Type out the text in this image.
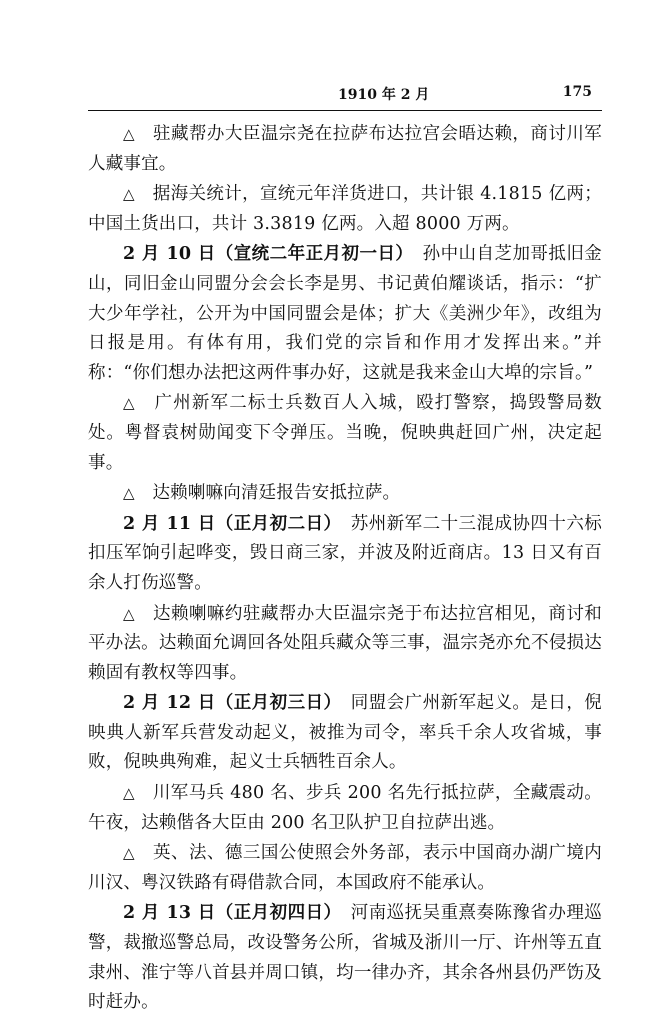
1910 年 2 月	175

△　 驻藏帮办大臣温宗尧在拉萨布达拉宫会晤达赖，商讨川军人藏事宜。

△　 据海关统计，宣统元年洋货进口，共计银 4.1815 亿两；中国土货出口，共计 3.3819 亿两。入超 8000 万两。

2 月 10 日（宣统二年正月初一日）　 孙中山自芝加哥抵旧金山，同旧金山同盟分会会长李是男、书记黄伯耀谈话，指示：“扩大少年学社，公开为中国同盟会是体；扩大《美洲少年》，改组为日报是用。有体有用，我们党的宗旨和作用才发挥出来。”并称：“你们想办法把这两件事办好，这就是我来金山大埠的宗旨。”

△　 广州新军二标士兵数百人入城，殴打警察，捣毁警局数处。粤督袁树勋闻变下令弹压。当晚，倪映典赶回广州，决定起事。

△　 达赖喇嘛向清廷报告安抵拉萨。

2 月 11 日（正月初二日）　 苏州新军二十三混成协四十六标扣压军饷引起哗变，毁日商三家，并波及附近商店。13 日又有百余人打伤巡警。

△　 达赖喇嘛约驻藏帮办大臣温宗尧于布达拉宫相见，商讨和平办法。达赖面允调回各处阻兵藏众等三事，温宗尧亦允不侵损达赖固有教权等四事。

2 月 12 日（正月初三日）　 同盟会广州新军起义。是日，倪映典人新军兵营发动起义，被推为司令，率兵千余人攻省城，事败，倪映典殉难，起义士兵牺牲百余人。

△　 川军马兵 480 名、步兵 200 名先行抵拉萨，全藏震动。午夜，达赖偕各大臣由 200 名卫队护卫自拉萨出逃。

△　 英、法、德三国公使照会外务部，表示中国商办湖广境内川汉、粤汉铁路有碍借款合同，本国政府不能承认。

2 月 13 日（正月初四日）　 河南巡抚吴重熹奏陈豫省办理巡警，裁撤巡警总局，改设警务公所，省城及浙川一厅、许州等五直隶州、淮宁等八首县并周口镇，均一律办齐，其余各州县仍严饬及时赶办。
